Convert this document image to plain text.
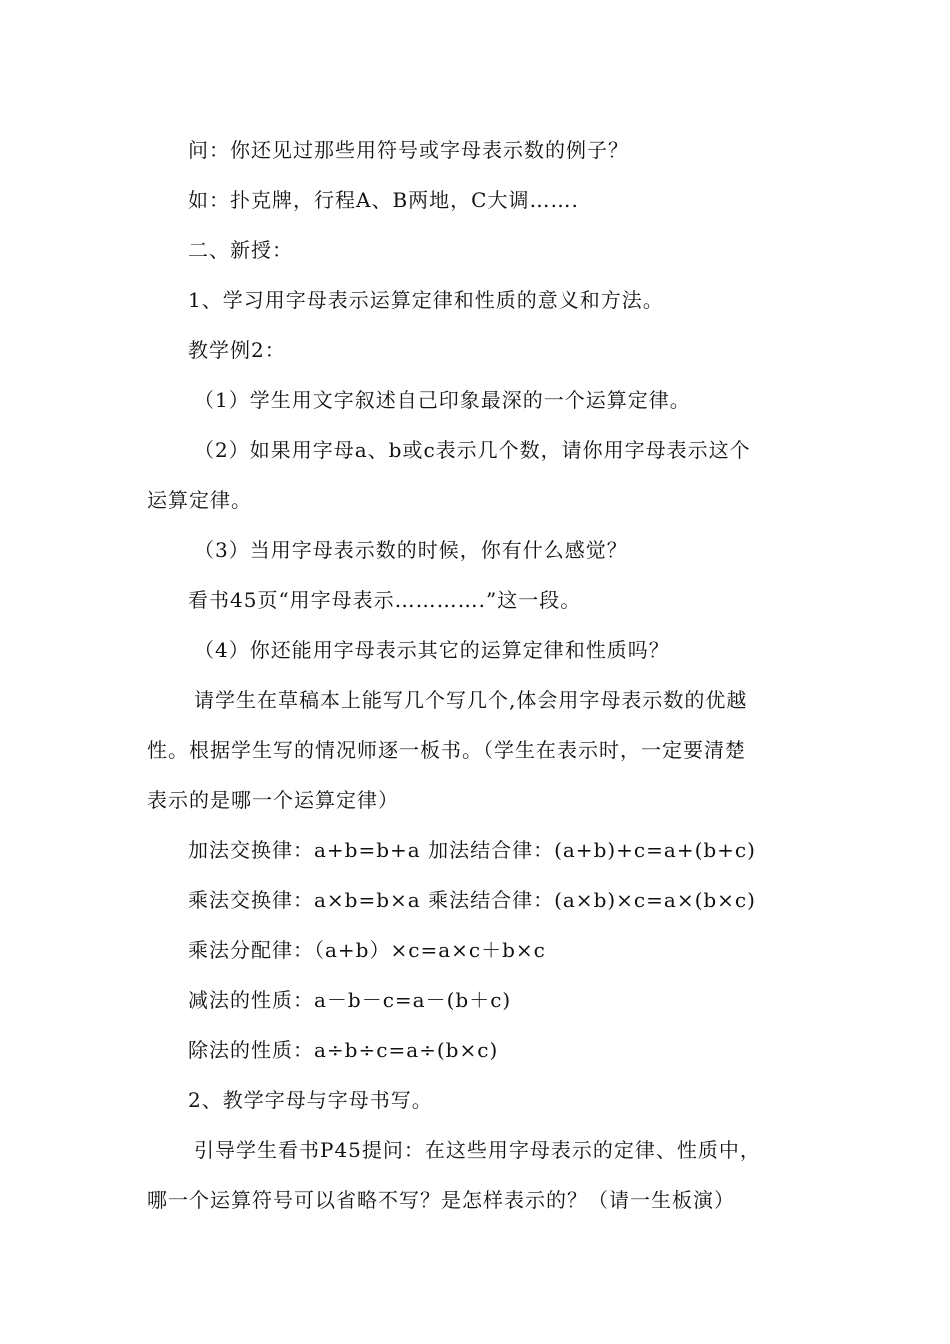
问：你还见过那些用符号或字母表示数的例子？
如：扑克牌，行程A、B两地，C大调…….
二、新授：
1、学习用字母表示运算定律和性质的意义和方法。
教学例2：
（1）学生用文字叙述自己印象最深的一个运算定律。
（2）如果用字母a、b或c表示几个数，请你用字母表示这个
运算定律。
（3）当用字母表示数的时候，你有什么感觉？
看书45页“用字母表示………….”这一段。
（4）你还能用字母表示其它的运算定律和性质吗？
请学生在草稿本上能写几个写几个,体会用字母表示数的优越
性。根据学生写的情况师逐一板书。（学生在表示时，一定要清楚
表示的是哪一个运算定律）
加法交换律：a+b=b+a 加法结合律：(a+b)+c=a+(b+c)
乘法交换律：a×b=b×a 乘法结合律：(a×b)×c=a×(b×c)
乘法分配律：（a+b）×c=a×c＋b×c
减法的性质：a－b－c=a－(b＋c)
除法的性质：a÷b÷c=a÷(b×c)
2、教学字母与字母书写。
引导学生看书P45提问：在这些用字母表示的定律、性质中，
哪一个运算符号可以省略不写？是怎样表示的？（请一生板演）
